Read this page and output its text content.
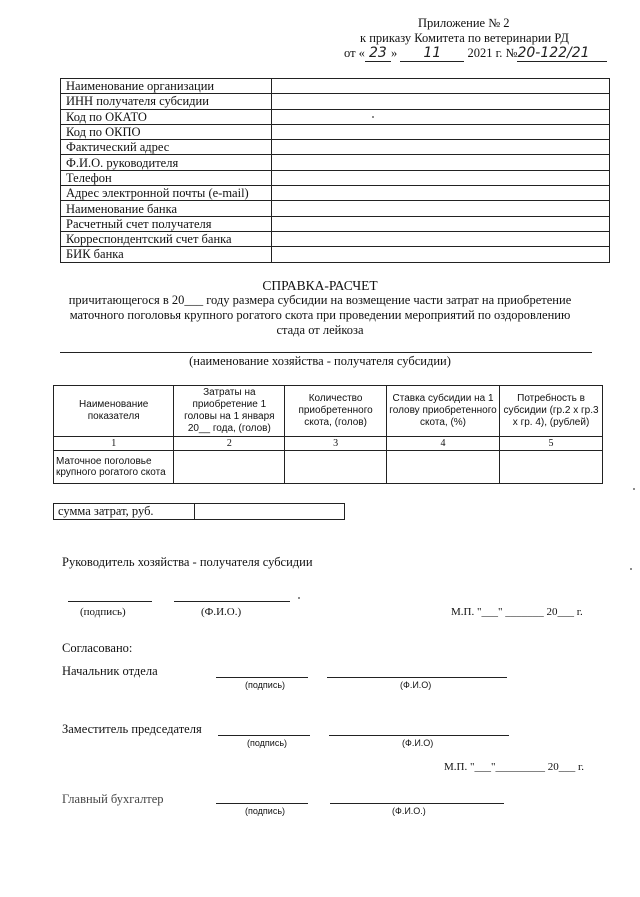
Приложение № 2
к приказу Комитета по ветеринарии РД
от « 23 » 11 2021 г. №20-122/21
Наименование организации	
ИНН получателя субсидии	
Код по ОКАТО	
Код по ОКПО	
Фактический адрес	
Ф.И.О. руководителя	
Телефон	
Адрес электронной почты (e-mail)	
Наименование банка	
Расчетный счет получателя	
Корреспондентский счет банка	
БИК банка	
СПРАВКА-РАСЧЕТ
причитающегося в 20___ году размера субсидии на возмещение части затрат на приобретение
маточного поголовья крупного рогатого скота при проведении мероприятий по оздоровлению
стада от лейкоза
(наименование хозяйства - получателя субсидии)
Наименование показателя	Затраты на приобретение 1 головы на 1 января 20__ года, (голов)	Количество приобретенного скота, (голов)	Ставка субсидии на 1 голову приобретенного скота, (%)	Потребность в субсидии (гр.2 х гр.3 х гр. 4), (рублей)
1	2	3	4	5
Маточное поголовье крупного рогатого скота				
сумма затрат, руб.
Руководитель хозяйства - получателя субсидии
(подпись)	(Ф.И.О.)	М.П. "___" _______ 20___ г.
Согласовано:
Начальник отдела
(подпись)	(Ф.И.О)
Заместитель председателя
(подпись)	(Ф.И.О)
М.П. "___"_________ 20___ г.
Главный бухгалтер
(подпись)	(Ф.И.О.)
